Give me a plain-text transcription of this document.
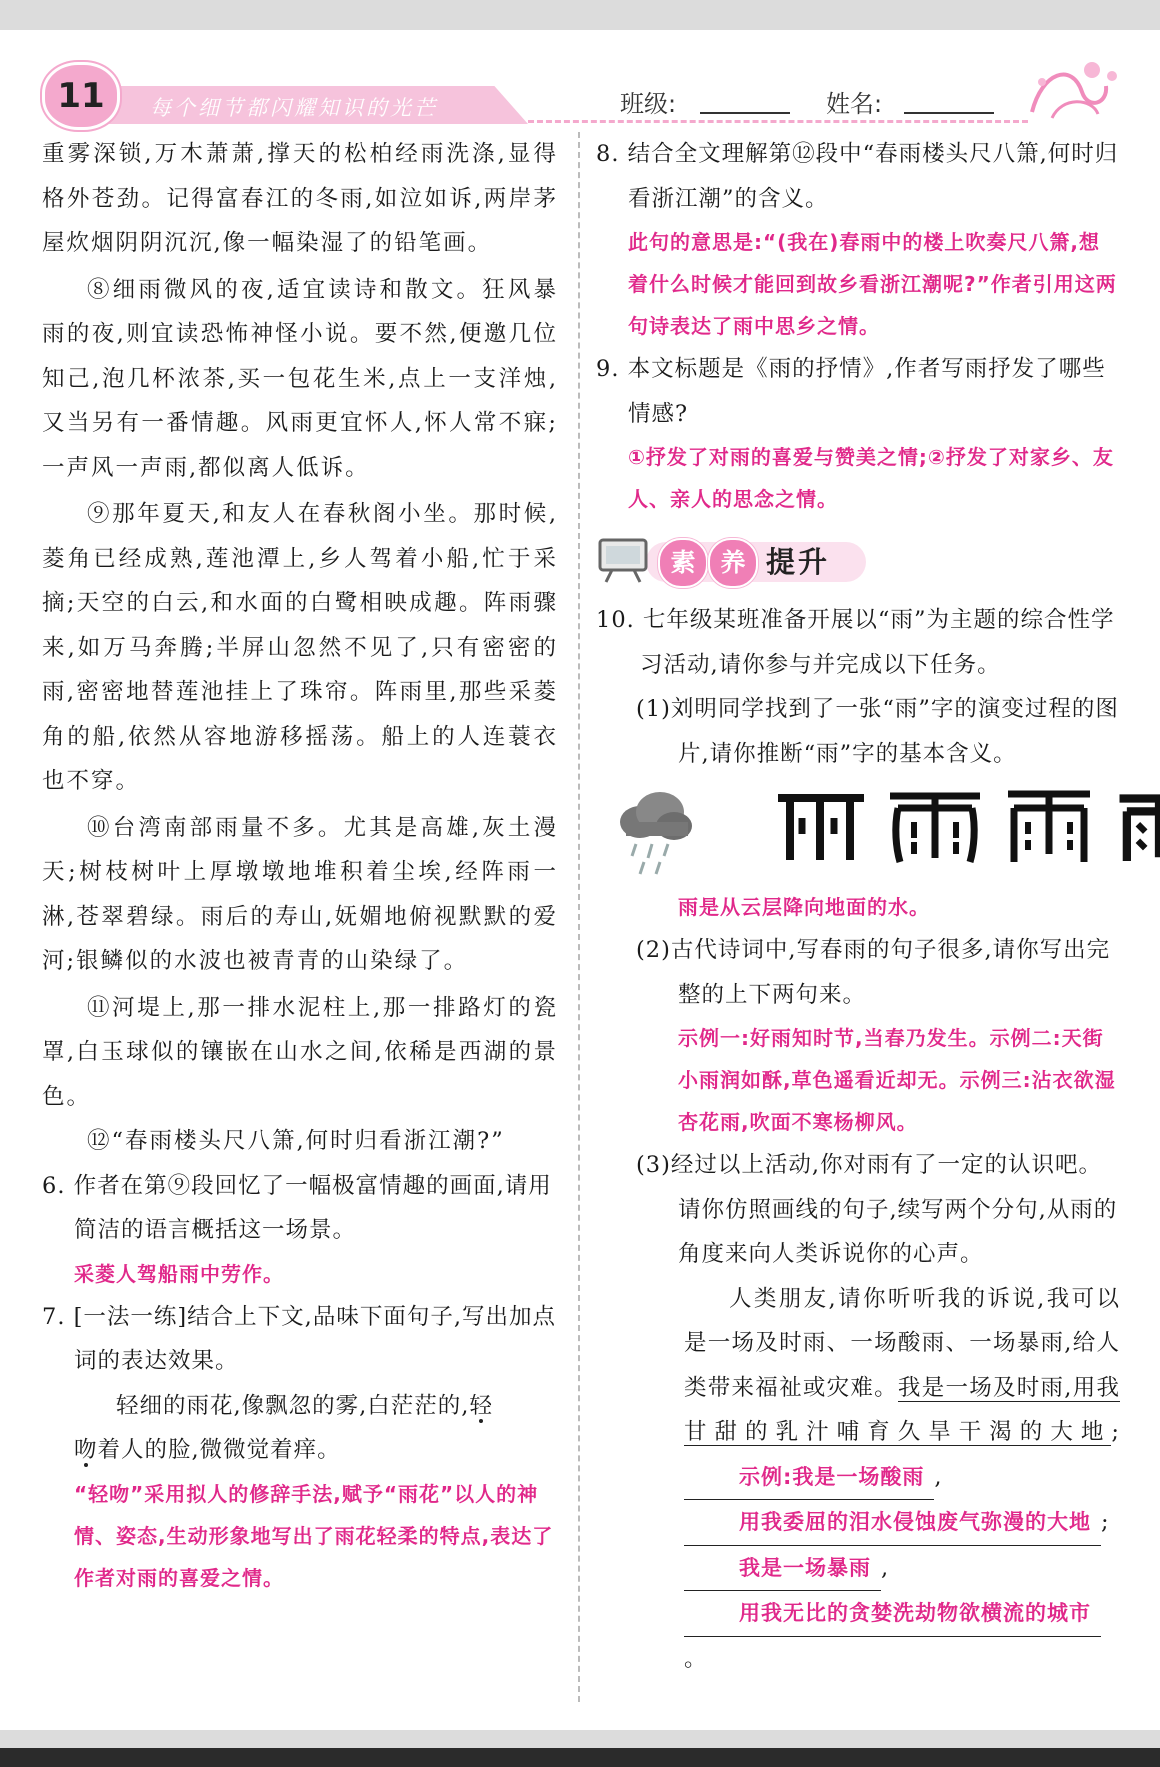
11	每个细节都闪耀知识的光芒	班级:	姓名:

重雾深锁,万木萧萧,撑天的松柏经雨洗涤,显得格外苍劲。记得富春江的冬雨,如泣如诉,两岸茅屋炊烟阴阴沉沉,像一幅染湿了的铅笔画。

⑧细雨微风的夜,适宜读诗和散文。狂风暴雨的夜,则宜读恐怖神怪小说。要不然,便邀几位知己,泡几杯浓茶,买一包花生米,点上一支洋烛,又当另有一番情趣。风雨更宜怀人,怀人常不寐;一声风一声雨,都似离人低诉。

⑨那年夏天,和友人在春秋阁小坐。那时候,菱角已经成熟,莲池潭上,乡人驾着小船,忙于采摘;天空的白云,和水面的白鹭相映成趣。阵雨骤来,如万马奔腾;半屏山忽然不见了,只有密密的雨,密密地替莲池挂上了珠帘。阵雨里,那些采菱角的船,依然从容地游移摇荡。船上的人连蓑衣也不穿。

⑩台湾南部雨量不多。尤其是高雄,灰土漫天;树枝树叶上厚墩墩地堆积着尘埃,经阵雨一淋,苍翠碧绿。雨后的寿山,妩媚地俯视默默的爱河;银鳞似的水波也被青青的山染绿了。

⑪河堤上,那一排水泥柱上,那一排路灯的瓷罩,白玉球似的镶嵌在山水之间,依稀是西湖的景色。

⑫“春雨楼头尺八箫,何时归看浙江潮?”

6. 作者在第⑨段回忆了一幅极富情趣的画面,请用简洁的语言概括这一场景。

采菱人驾船雨中劳作。

7. [一法一练]结合上下文,品味下面句子,写出加点词的表达效果。

轻细的雨花,像飘忽的雾,白茫茫的,轻

吻着人的脸,微微觉着痒。

“轻吻”采用拟人的修辞手法,赋予“雨花”以人的神情、姿态,生动形象地写出了雨花轻柔的特点,表达了作者对雨的喜爱之情。

8. 结合全文理解第⑫段中“春雨楼头尺八箫,何时归看浙江潮”的含义。

此句的意思是:“(我在)春雨中的楼上吹奏尺八箫,想着什么时候才能回到故乡看浙江潮呢?”作者引用这两句诗表达了雨中思乡之情。

9. 本文标题是《雨的抒情》,作者写雨抒发了哪些情感?

①抒发了对雨的喜爱与赞美之情;②抒发了对家乡、友人、亲人的思念之情。

素 养 提升

10. 七年级某班准备开展以“雨”为主题的综合性学习活动,请你参与并完成以下任务。

(1)刘明同学找到了一张“雨”字的演变过程的图片,请你推断“雨”字的基本含义。

雨是从云层降向地面的水。

(2)古代诗词中,写春雨的句子很多,请你写出完整的上下两句来。

示例一:好雨知时节,当春乃发生。示例二:天街小雨润如酥,草色遥看近却无。示例三:沾衣欲湿杏花雨,吹面不寒杨柳风。

(3)经过以上活动,你对雨有了一定的认识吧。请你仿照画线的句子,续写两个分句,从雨的角度来向人类诉说你的心声。

人类朋友,请你听听我的诉说,我可以是一场及时雨、一场酸雨、一场暴雨,给人类带来福祉或灾难。我是一场及时雨,用我甘甜的乳汁哺育久旱干渴的大地;示例:我是一场酸雨 ,用我委屈的泪水侵蚀废气弥漫的大地 ;我是一场暴雨 ,用我无比的贪婪洗劫物欲横流的城市。
